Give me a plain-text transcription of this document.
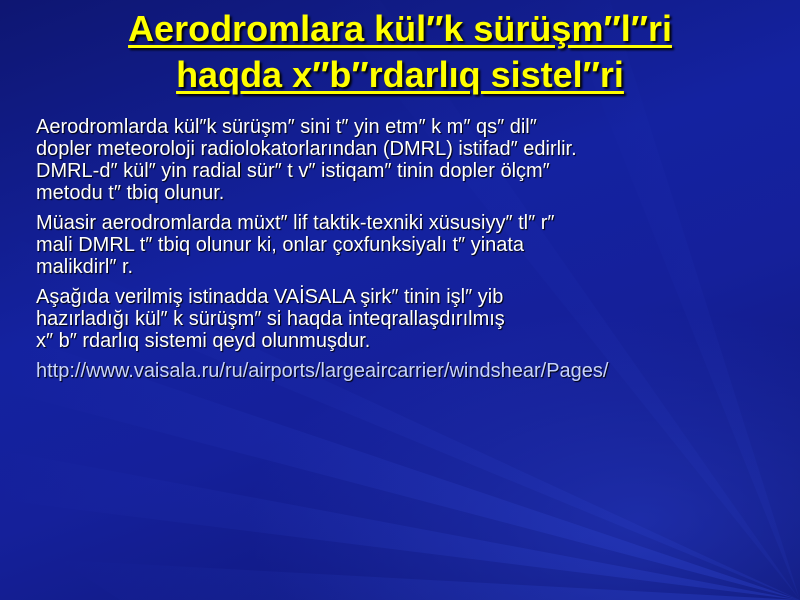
Aerodromlara kül″k sürüşm″l″ri
haqda x″b″rdarlıq sistel″ri
Aerodromlarda kül″k sürüşm″ sini t″ yin etm″ k m″ qs″ dil″
dopler meteoroloji radiolokatorlarından (DMRL) istifad″ edirlir.
DMRL-d″ kül″ yin radial sür″ t v″ istiqam″ tinin dopler ölçm″
metodu t″ tbiq olunur.
Müasir aerodromlarda müxt″ lif taktik-texniki xüsusiyy″ tl″ r″
mali DMRL t″ tbiq olunur ki, onlar çoxfunksiyalı t″ yinata
malikdirl″ r.
Aşağıda verilmiş istinadda VAİSALA şirk″ tinin işl″ yib
hazırladığı kül″ k sürüşm″ si haqda inteqrallaşdırılmış
x″ b″ rdarlıq sistemi qeyd olunmuşdur.
http://www.vaisala.ru/ru/airports/largeaircarrier/windshear/Pages/
